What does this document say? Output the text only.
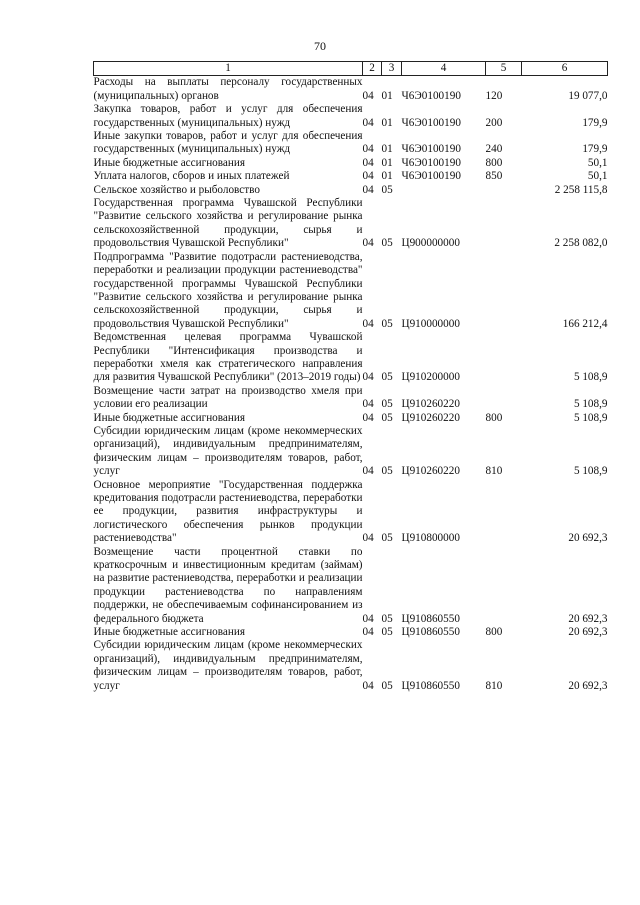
70
1	2	3	4	5	6
Расходы на выплаты персоналу государственных (муниципальных) органов	04	01	Ч6Э0100190	120	19 077,0
Закупка товаров, работ и услуг для обеспечения государственных (муниципальных) нужд	04	01	Ч6Э0100190	200	179,9
Иные закупки товаров, работ и услуг для обеспечения государственных (муниципальных) нужд	04	01	Ч6Э0100190	240	179,9
Иные бюджетные ассигнования	04	01	Ч6Э0100190	800	50,1
Уплата налогов, сборов и иных платежей	04	01	Ч6Э0100190	850	50,1
Сельское хозяйство и рыболовство	04	05			2 258 115,8
Государственная программа Чувашской Республики "Развитие сельского хозяйства и регулирование рынка сельскохозяйственной продукции, сырья и продовольствия Чувашской Республики"	04	05	Ц900000000		2 258 082,0
Подпрограмма "Развитие подотрасли растениеводства, переработки и реализации продукции растениеводства" государственной программы Чувашской Республики "Развитие сельского хозяйства и регулирование рынка сельскохозяйственной продукции, сырья и продовольствия Чувашской Республики"	04	05	Ц910000000		166 212,4
Ведомственная целевая программа Чувашской Республики "Интенсификация производства и переработки хмеля как стратегического направления для развития Чувашской Республики" (2013–2019 годы)	04	05	Ц910200000		5 108,9
Возмещение части затрат на производство хмеля при условии его реализации	04	05	Ц910260220		5 108,9
Иные бюджетные ассигнования	04	05	Ц910260220	800	5 108,9
Субсидии юридическим лицам (кроме некоммерческих организаций), индивидуальным предпринимателям, физическим лицам – производителям товаров, работ, услуг	04	05	Ц910260220	810	5 108,9
Основное мероприятие "Государственная поддержка кредитования подотрасли растениеводства, переработки ее продукции, развития инфраструктуры и логистического обеспечения рынков продукции растениеводства"	04	05	Ц910800000		20 692,3
Возмещение части процентной ставки по краткосрочным и инвестиционным кредитам (займам) на развитие растениеводства, переработки и реализации продукции растениеводства по направлениям поддержки, не обеспечиваемым софинансированием из федерального бюджета	04	05	Ц910860550		20 692,3
Иные бюджетные ассигнования	04	05	Ц910860550	800	20 692,3
Субсидии юридическим лицам (кроме некоммерческих организаций), индивидуальным предпринимателям, физическим лицам – производителям товаров, работ, услуг	04	05	Ц910860550	810	20 692,3
